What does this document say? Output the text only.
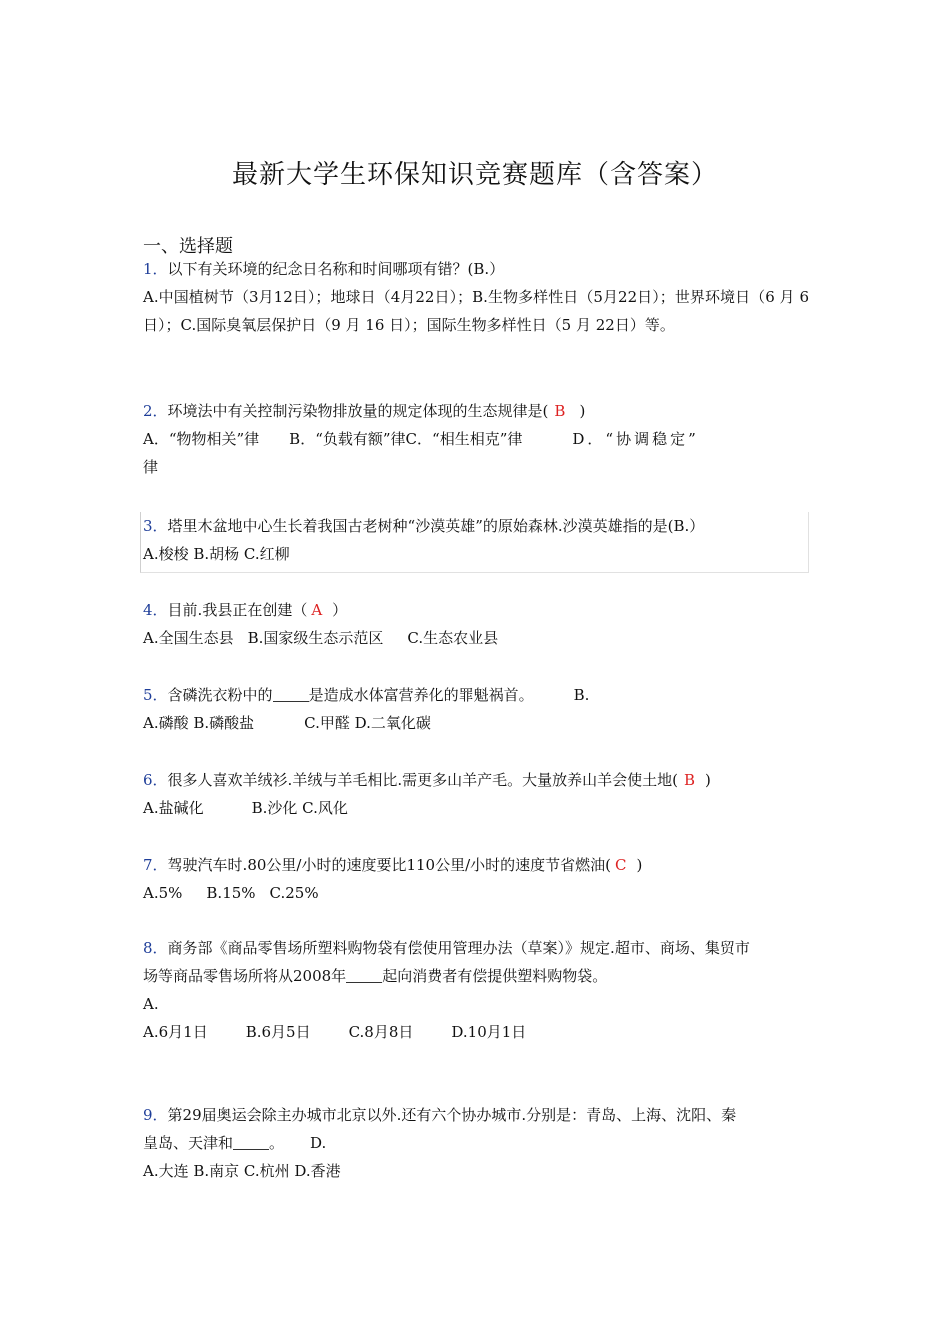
最新大学生环保知识竞赛题库（含答案）
一、选择题
1．以下有关环境的纪念日名称和时间哪项有错？(B.）
A.中国植树节（3月12日）；地球日（4月22日）；B.生物多样性日（5月22日）；世界环境日（6 月 6 日）；C.国际臭氧层保护日（9 月 16 日）；国际生物多样性日（5 月 22日）等。
2．环境法中有关控制污染物排放量的规定体现的生态规律是( B )
A．“物物相关”律 B．“负载有额”律C．“相生相克”律	D．“协调稳定”
律
3．塔里木盆地中心生长着我国古老树种“沙漠英雄”的原始森林.沙漠英雄指的是(B.）
A.梭梭 B.胡杨 C.红柳
4．目前.我县正在创建（ A ）
A.全国生态县 B.国家级生态示范区 C.生态农业县
5．含磷洗衣粉中的 是造成水体富营养化的罪魁祸首。	B.
A.磷酸 B.磷酸盐	C.甲醛 D.二氧化碳
6．很多人喜欢羊绒衫.羊绒与羊毛相比.需更多山羊产毛。大量放养山羊会使土地( B )
A.盐碱化	B.沙化 C.风化
7．驾驶汽车时.80公里/小时的速度要比110公里/小时的速度节省燃油( C )
A.5% B.15% C.25%
8．商务部《商品零售场所塑料购物袋有偿使用管理办法（草案）》规定.超市、商场、集贸市
场等商品零售场所将从2008年 起向消费者有偿提供塑料购物袋。
A.
A.6月1日	B.6月5日	C.8月8日	D.10月1日
9．第29届奥运会除主办城市北京以外.还有六个协办城市.分别是：青岛、上海、沈阳、秦
皇岛、天津和 。 D.
A.大连 B.南京 C.杭州 D.香港
